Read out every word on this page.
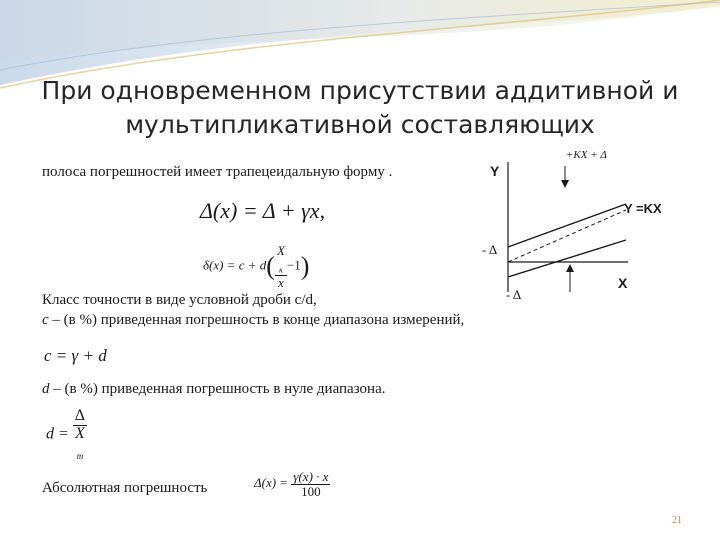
При одновременном присутствии аддитивной и
мультипликативной составляющих
полоса погрешностей имеет трапецеидальную форму .
Δ(x) = Δ + γx,
δ(x) = c + d( X
$_к$
x −1)
Класс точности в виде условной дроби c/d,
c – (в %) приведенная погрешность в конце диапазона измерений,
c = γ + d
d – (в %) приведенная погрешность в нуле диапазона.
d = Δ
X
$_m$
Абсолютная погрешность	$\Delta(x) = \frac{\gamma(x) \cdot x}{100}$
Y
X
+KX + Δ
Y =KX
- Δ
- Δ
21
